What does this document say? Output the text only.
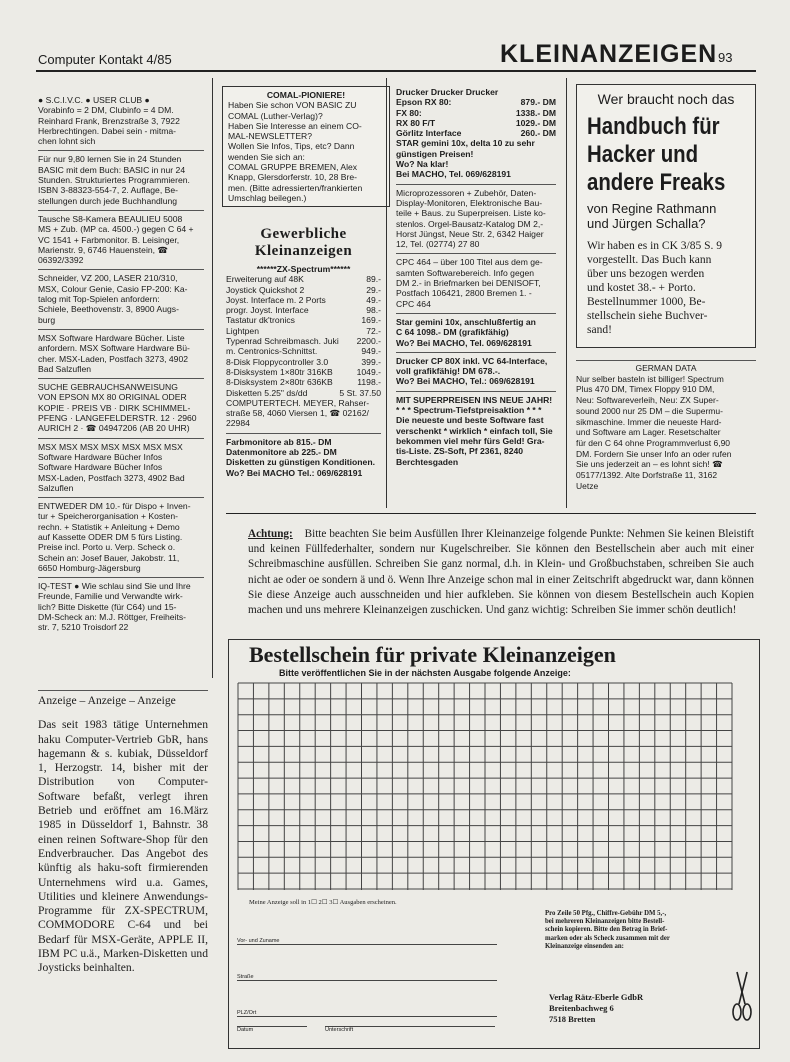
Computer Kontakt 4/85	KLEINANZEIGEN 93
● S.C.I.V.C. ● USER CLUB ●
Vorabinfo = 2 DM, Clubinfo = 4 DM.
Reinhard Frank, Brenzstraße 3, 7922
Herbrechtingen. Dabei sein - mitma-
chen lohnt sich
Für nur 9,80 lernen Sie in 24 Stunden
BASIC mit dem Buch: BASIC in nur 24
Stunden. Strukturiertes Programmieren.
ISBN 3-88323-554-7, 2. Auflage, Be-
stellungen durch jede Buchhandlung
Tausche S8-Kamera BEAULIEU 5008
MS + Zub. (MP ca. 4500.-) gegen C 64 +
VC 1541 + Farbmonitor. B. Leisinger,
Marienstr. 9, 6746 Hauenstein, ☎
06392/3392
Schneider, VZ 200, LASER 210/310,
MSX, Colour Genie, Casio FP-200: Ka-
talog mit Top-Spielen anfordern:
Schiele, Beethovenstr. 3, 8900 Augs-
burg
MSX Software Hardware Bücher. Liste
anfordern. MSX Software Hardware Bü-
cher. MSX-Laden, Postfach 3273, 4902
Bad Salzuflen
SUCHE GEBRAUCHSANWEISUNG
VON EPSON MX 80 ORIGINAL ODER
KOPIE · PREIS VB · DIRK SCHIMMEL-
PFENG · LANGEFELDERSTR. 12 · 2960
AURICH 2 · ☎ 04947206 (AB 20 UHR)
MSX MSX MSX MSX MSX MSX MSX
Software Hardware Bücher Infos
Software Hardware Bücher Infos
MSX-Laden, Postfach 3273, 4902 Bad
Salzuflen
ENTWEDER DM 10.- für Dispo + Inven-
tur + Speicherorganisation + Kosten-
rechn. + Statistik + Anleitung + Demo
auf Kassette ODER DM 5 fürs Listing.
Preise incl. Porto u. Verp. Scheck o.
Schein an: Josef Bauer, Jakobstr. 11,
6650 Homburg-Jägersburg
IQ-TEST ● Wie schlau sind Sie und Ihre
Freunde, Familie und Verwandte wirk-
lich? Bitte Diskette (für C64) und 15-
DM-Scheck an: M.J. Röttger, Freiheits-
str. 7, 5210 Troisdorf 22
COMAL-PIONIERE!
Haben Sie schon VON BASIC ZU
COMAL (Luther-Verlag)?
Haben Sie Interesse an einem CO-
MAL-NEWSLETTER?
Wollen Sie Infos, Tips, etc? Dann
wenden Sie sich an:
COMAL GRUPPE BREMEN, Alex
Knapp, Glersdorferstr. 10, 28 Bre-
men. (Bitte adressierten/frankierten
Umschlag beilegen.)
Gewerbliche
Kleinanzeigen
******ZX-Spectrum******
Erweiterung auf 48K	89.-
Joystick Quickshot 2	29.-
Joyst. Interface m. 2 Ports	49.-
progr. Joyst. Interface	98.-
Tastatur dk'tronics	169.-
Lightpen	72.-
Typenrad Schreibmasch. Juki 2200.-
m. Centronics-Schnittst.	949.-
8-Disk Floppycontroller 3.0	399.-
8-Disksystem 1×80tr 316KB	1049.-
8-Disksystem 2×80tr 636KB	1198.-
Disketten 5.25" ds/dd	5 St. 37.50
COMPUTERTECH. MEYER, Rahser-
straße 58, 4060 Viersen 1, ☎ 02162/
22984
Farbmonitore ab 815.- DM
Datenmonitore ab 225.- DM
Disketten zu günstigen Konditionen.
Wo? Bei MACHO Tel.: 069/628191
Drucker Drucker Drucker
Epson RX 80:	879.- DM
FX 80:	1338.- DM
RX 80 F/T	1029.- DM
Görlitz Interface	260.- DM
STAR gemini 10x, delta 10 zu sehr
günstigen Preisen!
Wo? Na klar!
Bei MACHO, Tel. 069/628191
Microprozessoren + Zubehör, Daten-
Display-Monitoren, Elektronische Bau-
teile + Baus. zu Superpreisen. Liste ko-
stenlos. Orgel-Bausatz-Katalog DM 2,-
Horst Jüngst, Neue Str. 2, 6342 Haiger
12, Tel. (02774) 27 80
CPC 464 – über 100 Titel aus dem ge-
samten Softwarebereich. Info gegen
DM 2.- in Briefmarken bei DENISOFT,
Postfach 106421, 2800 Bremen 1. -
CPC 464
Star gemini 10x, anschlußfertig an
C 64 1098.- DM (grafikfähig)
Wo? Bei MACHO, Tel. 069/628191
Drucker CP 80X inkl. VC 64-Interface,
voll grafikfähig! DM 678.-.
Wo? Bei MACHO, Tel.: 069/628191
MIT SUPERPREISEN INS NEUE JAHR!
* * * Spectrum-Tiefstpreisaktion * * *
Die neueste und beste Software fast
verschenkt * wirklich * einfach toll, Sie
bekommen viel mehr fürs Geld! Gra-
tis-Liste. ZS-Soft, Pf 2361, 8240
Berchtesgaden
Wer braucht noch das
Handbuch für
Hacker und
andere Freaks
von Regine Rathmann
und Jürgen Schalla?
Wir haben es in CK 3/85 S. 9
vorgestellt. Das Buch kann
über uns bezogen werden
und kostet 38.- + Porto.
Bestellnummer 1000, Be-
stellschein siehe Buchver-
sand!
GERMAN DATA
Nur selber basteln ist billiger! Spectrum
Plus 470 DM, Timex Floppy 910 DM,
Neu: Softwareverleih, Neu: ZX Super-
sound 2000 nur 25 DM – die Supermu-
sikmaschine. Immer die neueste Hard-
und Software am Lager. Resetschalter
für den C 64 ohne Programmverlust 6,90
DM. Fordern Sie unser Info an oder rufen
Sie uns jederzeit an – es lohnt sich! ☎
05177/1392. Alte Dorfstraße 11, 3162
Uetze
Achtung: Bitte beachten Sie beim Ausfüllen Ihrer Kleinanzeige folgende Punkte: Nehmen Sie keinen Bleistift und keinen Füllfederhalter, sondern nur Kugelschreiber. Sie können den Bestellschein aber auch mit einer Schreibmaschine ausfüllen. Schreiben Sie ganz normal, d.h. in Klein- und Großbuchstaben, schreiben Sie auch nicht ae oder oe sondern ä und ö. Wenn Ihre Anzeige schon mal in einer Zeitschrift abgedruckt war, dann können Sie diese Anzeige auch ausschneiden und hier aufkleben. Sie können von diesem Bestellschein auch Kopien machen und uns mehrere Kleinanzeigen zuschicken. Und ganz wichtig: Schreiben Sie immer schön deutlich!
Bestellschein für private Kleinanzeigen
Bitte veröffentlichen Sie in der nächsten Ausgabe folgende Anzeige:
Meine Anzeige soll in 1☐ 2☐ 3☐ Ausgaben erscheinen.
Vor- und Zuname
Straße
PLZ/Ort
Datum	Unterschrift
Pro Zeile 50 Pfg., Chiffre-Gebühr DM 5,-,
bei mehreren Kleinanzeigen bitte Bestell-
schein kopieren. Bitte den Betrag in Brief-
marken oder als Scheck zusammen mit der
Kleinanzeige einsenden an:
Verlag Rätz-Eberle GdbR
Breitenbachweg 6
7518 Bretten
Anzeige – Anzeige – Anzeige
Das seit 1983 tätige Unternehmen haku Computer-Vertrieb GbR, hans hagemann & s. kubiak, Düsseldorf 1, Herzogstr. 14, bisher mit der Distribution von Computer-Software befaßt, verlegt ihren Betrieb und eröffnet am 16.März 1985 in Düsseldorf 1, Bahnstr. 38 einen reinen Software-Shop für den Endverbraucher. Das Angebot des künftig als haku-soft firmierenden Unternehmens wird u.a. Games, Utilities und kleinere Anwendungs-Programme für ZX-SPECTRUM, COMMODORE C-64 und bei Bedarf für MSX-Geräte, APPLE II, IBM PC u.ä., Marken-Disketten und Joysticks beinhalten.
